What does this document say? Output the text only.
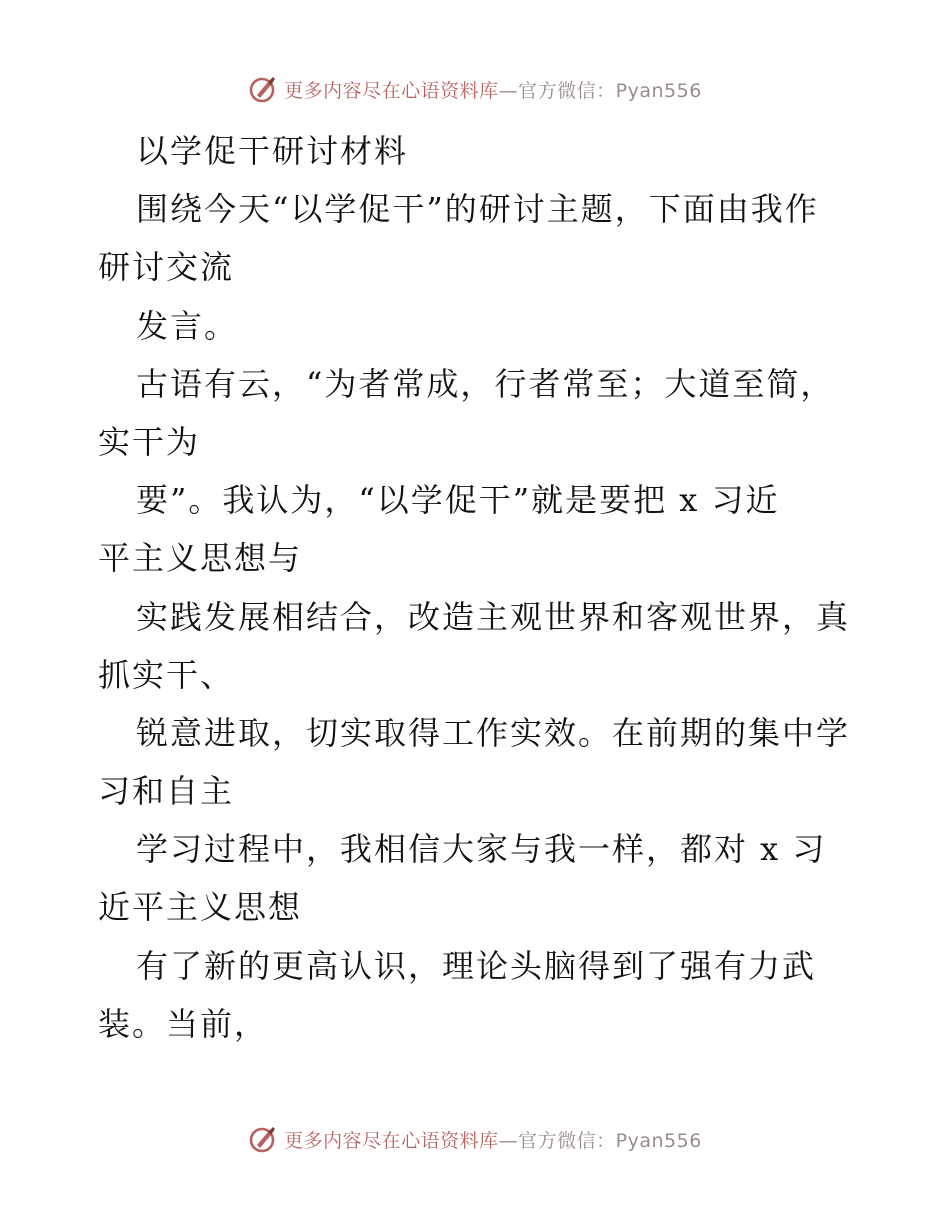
更多内容尽在心语资料库—官方微信：Pyan556
以学促干研讨材料
围绕今天“以学促干”的研讨主题，下面由我作
研讨交流
发言。
古语有云，“为者常成，行者常至；大道至简，
实干为
要”。我认为，“以学促干”就是要把 x 习近
平主义思想与
实践发展相结合，改造主观世界和客观世界，真
抓实干、
锐意进取，切实取得工作实效。在前期的集中学
习和自主
学习过程中，我相信大家与我一样，都对 x 习
近平主义思想
有了新的更高认识，理论头脑得到了强有力武
装。当前，
更多内容尽在心语资料库—官方微信：Pyan556
